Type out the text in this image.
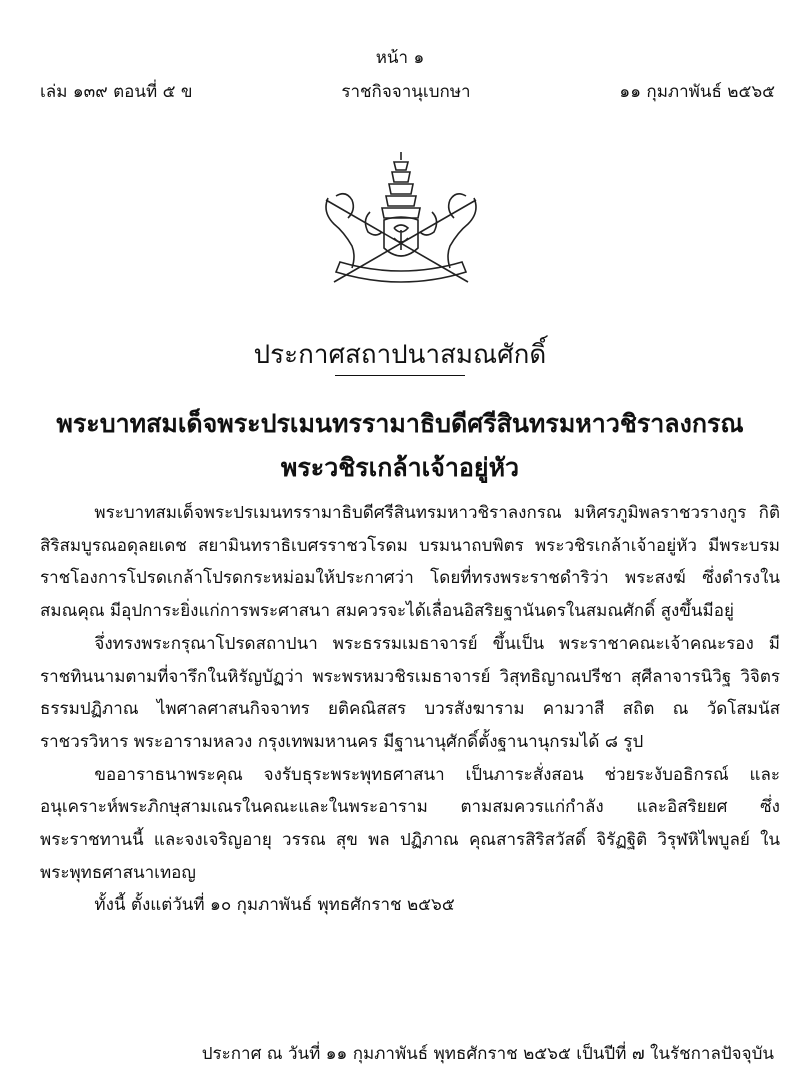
หน้า ๑
เล่ม ๑๓๙ ตอนที่ ๕ ข	ราชกิจจานุเบกษา	๑๑ กุมภาพันธ์ ๒๕๖๕
ประกาศสถาปนาสมณศักดิ์
พระบาทสมเด็จพระปรเมนทรรามาธิบดีศรีสินทรมหาวชิราลงกรณ
พระวชิรเกล้าเจ้าอยู่หัว

พระบาทสมเด็จพระปรเมนทรรามาธิบดีศรีสินทรมหาวชิราลงกรณ มหิศรภูมิพลราชวรางกูร กิติสิริสมบูรณอดุลยเดช สยามินทราธิเบศรราชวโรดม บรมนาถบพิตร พระวชิรเกล้าเจ้าอยู่หัว มีพระบรมราชโองการโปรดเกล้าโปรดกระหม่อมให้ประกาศว่า โดยที่ทรงพระราชดำริว่า พระสงฆ์ ซึ่งดำรงในสมณคุณ มีอุปการะยิ่งแก่การพระศาสนา สมควรจะได้เลื่อนอิสริยฐานันดรในสมณศักดิ์ สูงขึ้นมีอยู่

จึ่งทรงพระกรุณาโปรดสถาปนา พระธรรมเมธาจารย์ ขึ้นเป็น พระราชาคณะเจ้าคณะรอง มีราชทินนามตามที่จารึกในหิรัญบัฏว่า พระพรหมวชิรเมธาจารย์ วิสุทธิญาณปรีชา สุศีลาจารนิวิฐ วิจิตรธรรมปฏิภาณ ไพศาลศาสนกิจจาทร ยติคณิสสร บวรสังฆาราม คามวาสี สถิต ณ วัดโสมนัส ราชวรวิหาร พระอารามหลวง กรุงเทพมหานคร มีฐานานุศักดิ์ตั้งฐานานุกรมได้ ๘ รูป

ขออาราธนาพระคุณ จงรับธุระพระพุทธศาสนา เป็นภาระสั่งสอน ช่วยระงับอธิกรณ์ และอนุเคราะห์พระภิกษุสามเณรในคณะและในพระอาราม ตามสมควรแก่กำลัง และอิสริยยศ ซึ่งพระราชทานนี้ และจงเจริญอายุ วรรณ สุข พล ปฏิภาณ คุณสารสิริสวัสดิ์ จิรัฏฐิติ วิรุฬหิไพบูลย์ ในพระพุทธศาสนาเทอญ

ทั้งนี้ ตั้งแต่วันที่ ๑๐ กุมภาพันธ์ พุทธศักราช ๒๕๖๕

ประกาศ ณ วันที่ ๑๑ กุมภาพันธ์ พุทธศักราช ๒๕๖๕ เป็นปีที่ ๗ ในรัชกาลปัจจุบัน
